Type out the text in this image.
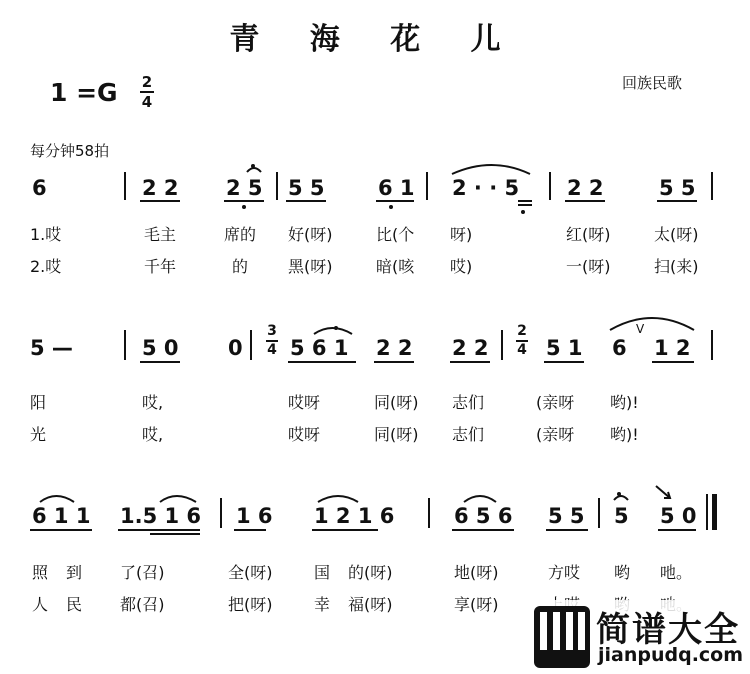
青 海 花 儿
1 =G 2
4
回族民歌
每分钟58拍
6	2 2 2 5 5 5	6 1 2 · · 5 2 2	5 5
1.哎	毛主	席的 好(呀)	比(个 呀)	红(呀)	太(呀)
2.哎	千年	的 黑(呀)	暗(咳 哎)	一(呀)	扫(来)
5 —	5 0 0
3
4 5 6 1 2 2 2 2
2
4 5 1 6
V
1 2
阳	哎,	哎呀	同(呀) 志们	(亲呀 哟)!
光	哎,	哎呀	同(呀) 志们	(亲呀 哟)!
6 1 1 1.5 1 6 1 6 1 2 1 6	6 5 6 5 5 5 5 0
照 到 了(召)	全(呀)	国 的(呀)	地(呀)	方哎 哟 吔。
人 民 都(召)	把(呀)	幸 福(呀)	享(呀)
简谱大全
jianpudq.com
